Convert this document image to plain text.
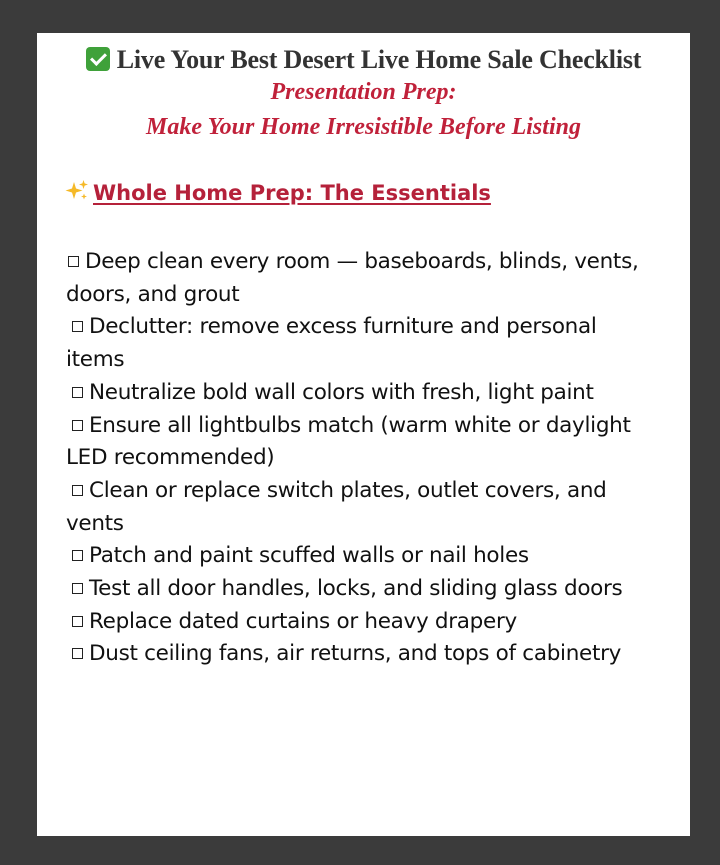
Live Your Best Desert Live Home Sale Checklist
Presentation Prep:
Make Your Home Irresistible Before Listing
Whole Home Prep: The Essentials

Deep clean every room — baseboards, blinds, vents, doors, and grout

Declutter: remove excess furniture and personal items

Neutralize bold wall colors with fresh, light paint

Ensure all lightbulbs match (warm white or daylight LED recommended)

Clean or replace switch plates, outlet covers, and vents

Patch and paint scuffed walls or nail holes

Test all door handles, locks, and sliding glass doors

Replace dated curtains or heavy drapery

Dust ceiling fans, air returns, and tops of cabinetry
